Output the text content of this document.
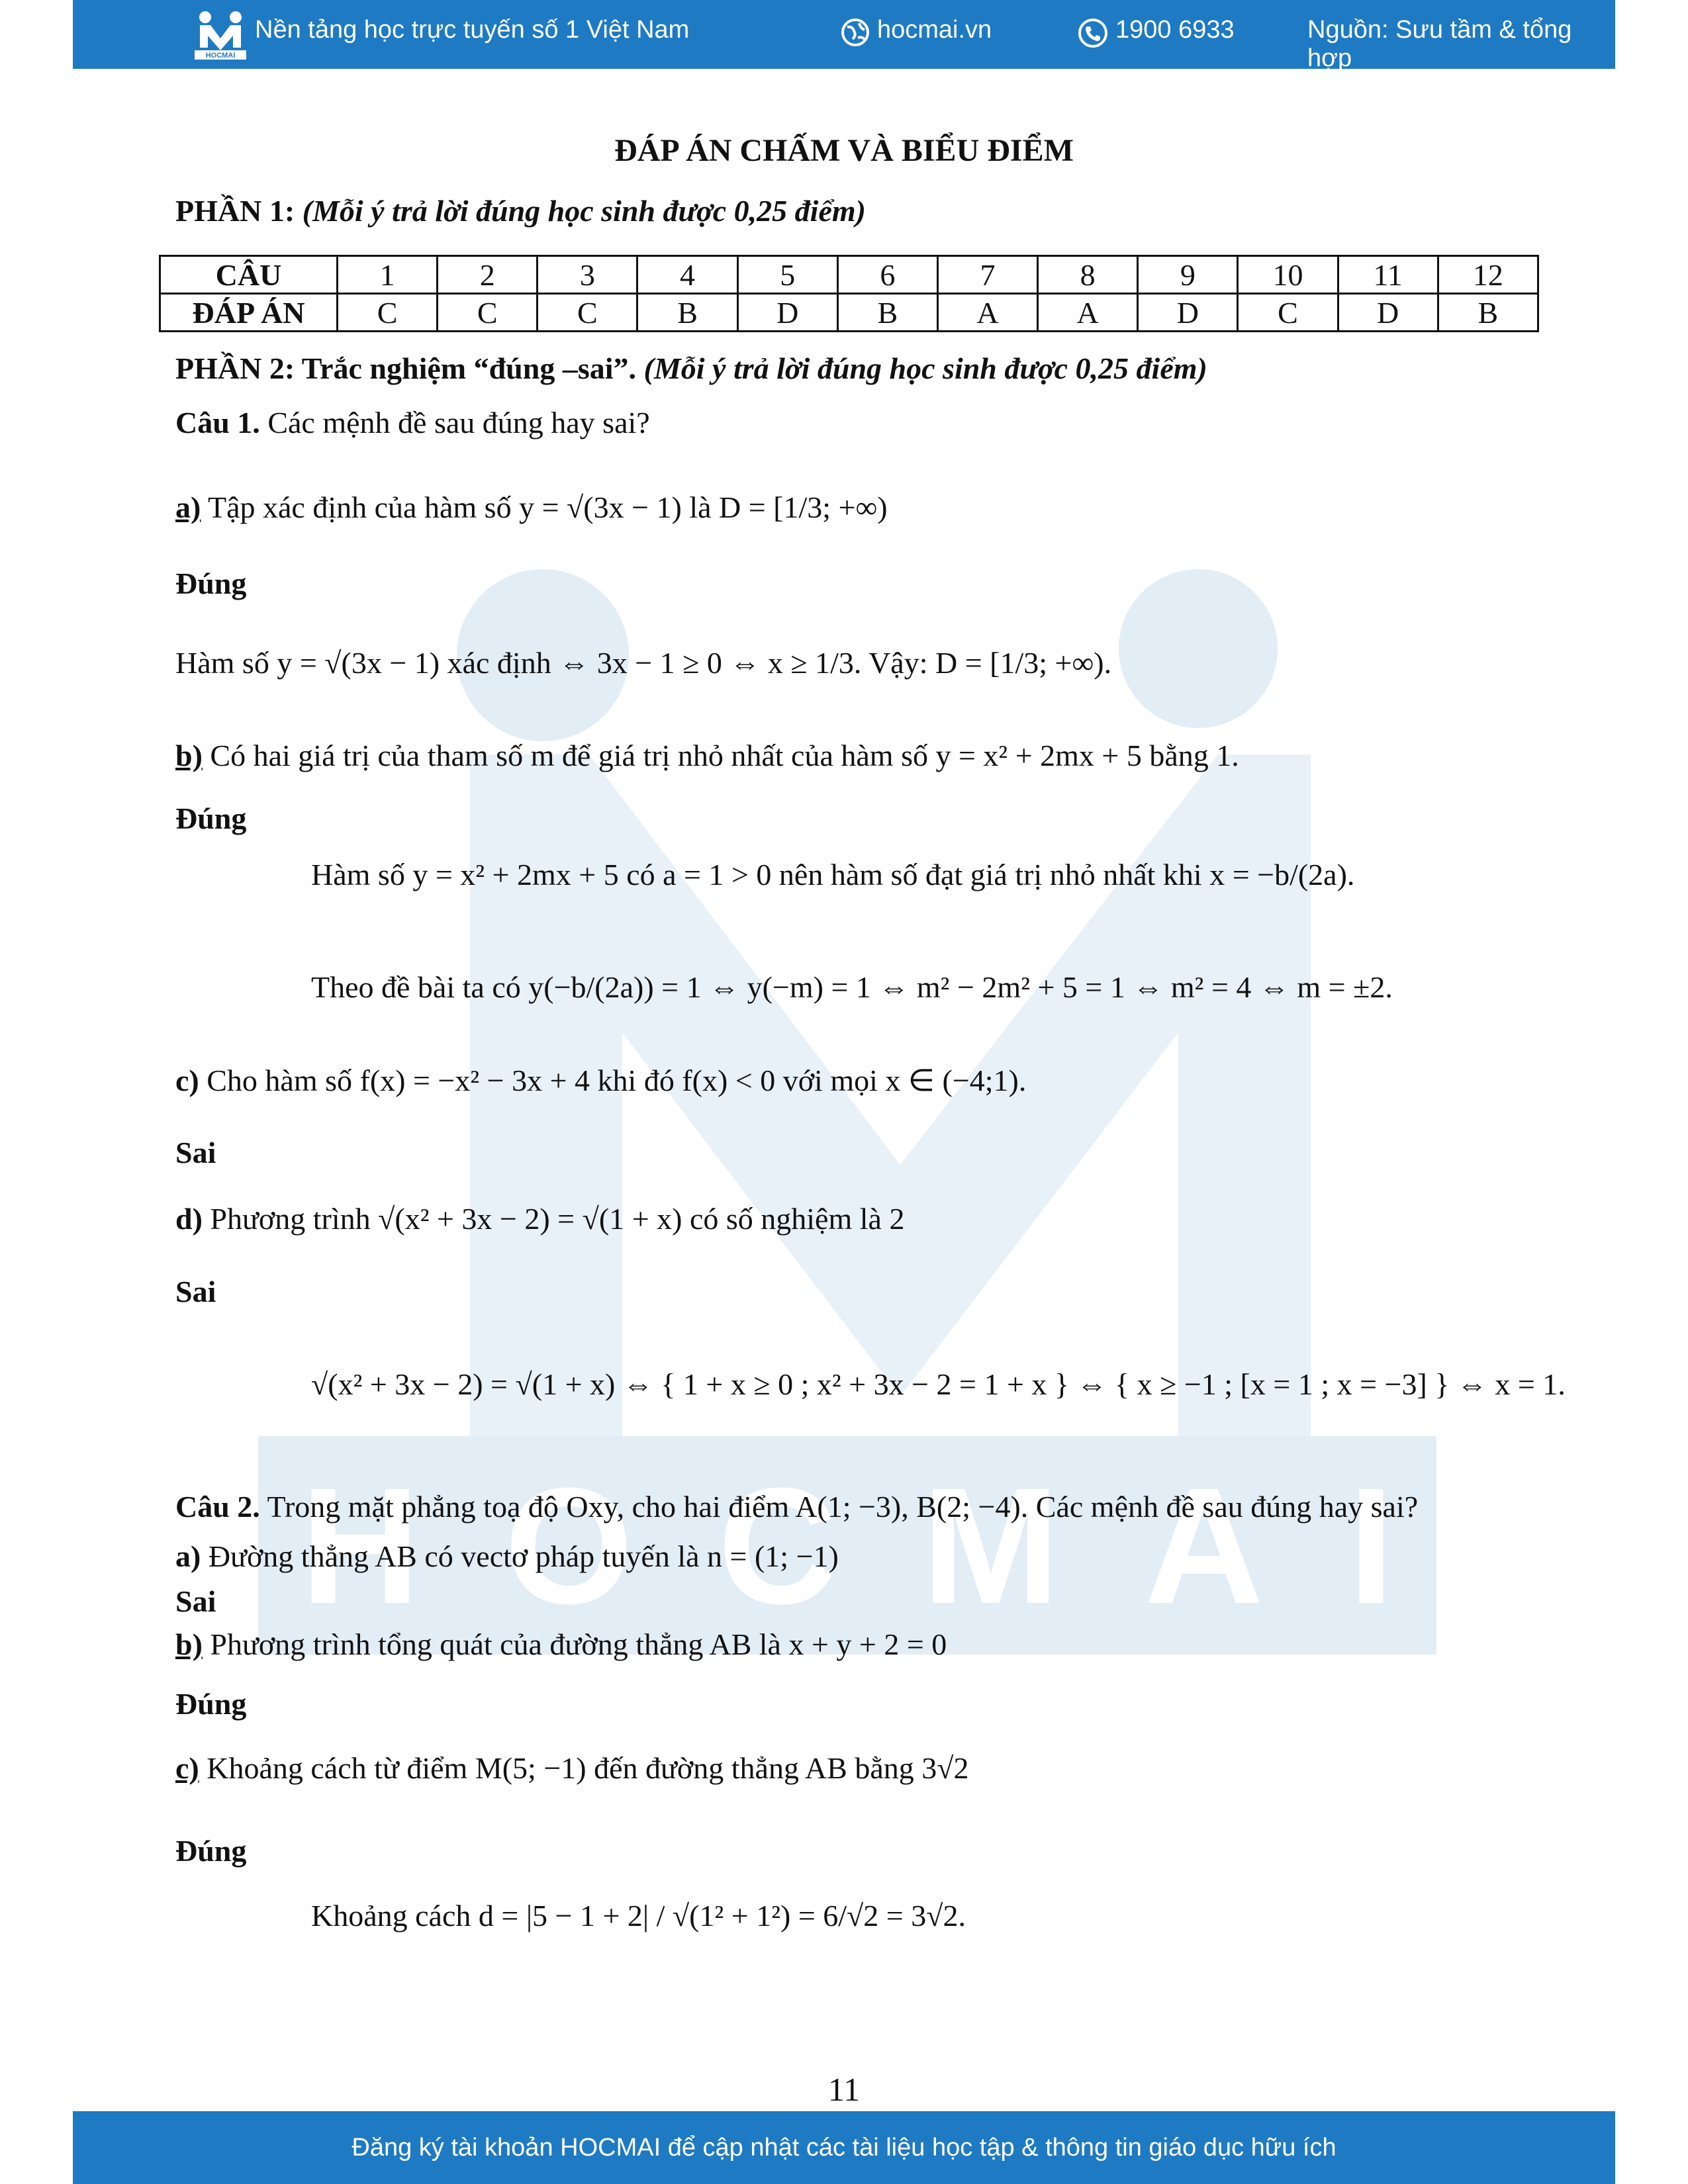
H O C M A I
HOCMAI
Nền tảng học trực tuyến số 1 Việt Nam	hocmai.vn	1900 6933	Nguồn: Sưu tầm & tổng hợp
ĐÁP ÁN CHẤM VÀ BIỂU ĐIỂM
PHẦN 1: (Mỗi ý trả lời đúng học sinh được 0,25 điểm)
CÂU	1	2	3	4	5	6	7	8	9	10	11	12
ĐÁP ÁN	C	C	C	B	D	B	A	A	D	C	D	B
PHẦN 2: Trắc nghiệm “đúng –sai”. (Mỗi ý trả lời đúng học sinh được 0,25 điểm)
Câu 1. Các mệnh đề sau đúng hay sai?
a) Tập xác định của hàm số y = √(3x − 1) là D = [1/3; +∞)
Đúng
Hàm số y = √(3x − 1) xác định ⇔ 3x − 1 ≥ 0 ⇔ x ≥ 1/3. Vậy: D = [1/3; +∞).
b) Có hai giá trị của tham số m để giá trị nhỏ nhất của hàm số y = x² + 2mx + 5 bằng 1.
Đúng
Hàm số y = x² + 2mx + 5 có a = 1 > 0 nên hàm số đạt giá trị nhỏ nhất khi x = −b/(2a).
Theo đề bài ta có y(−b/(2a)) = 1 ⇔ y(−m) = 1 ⇔ m² − 2m² + 5 = 1 ⇔ m² = 4 ⇔ m = ±2.
c) Cho hàm số f(x) = −x² − 3x + 4 khi đó f(x) < 0 với mọi x ∈ (−4;1).
Sai
d) Phương trình √(x² + 3x − 2) = √(1 + x) có số nghiệm là 2
Sai
√(x² + 3x − 2) = √(1 + x) ⇔ { 1 + x ≥ 0 ; x² + 3x − 2 = 1 + x } ⇔ { x ≥ −1 ; [x = 1 ; x = −3] } ⇔ x = 1.
Câu 2. Trong mặt phẳng toạ độ Oxy, cho hai điểm A(1; −3), B(2; −4). Các mệnh đề sau đúng hay sai?
a) Đường thẳng AB có vectơ pháp tuyến là n = (1; −1)
Sai
b) Phương trình tổng quát của đường thẳng AB là x + y + 2 = 0
Đúng
c) Khoảng cách từ điểm M(5; −1) đến đường thẳng AB bằng 3√2
Đúng
Khoảng cách d = |5 − 1 + 2| / √(1² + 1²) = 6/√2 = 3√2.
11
Đăng ký tài khoản HOCMAI để cập nhật các tài liệu học tập & thông tin giáo dục hữu ích
